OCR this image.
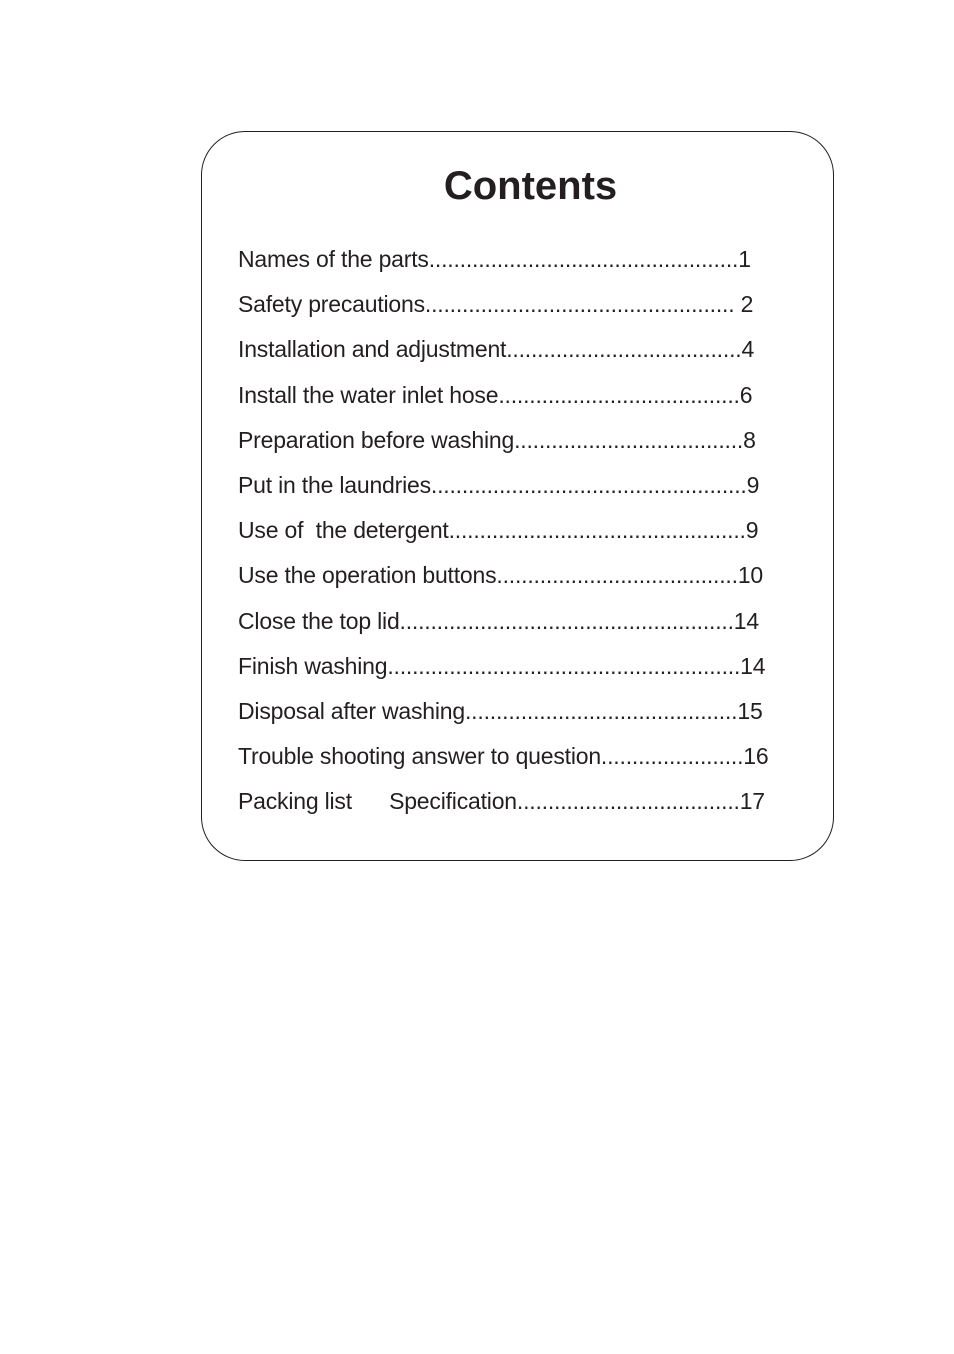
Contents
Names of the parts..................................................1
Safety precautions.................................................. 2
Installation and adjustment......................................4
Install the water inlet hose.......................................6
Preparation before washing.....................................8
Put in the laundries...................................................9
Use of  the detergent................................................9
Use the operation buttons.......................................10
Close the top lid......................................................14
Finish washing.........................................................14
Disposal after washing............................................15
Trouble shooting answer to question.......................16
Packing list      Specification....................................17
